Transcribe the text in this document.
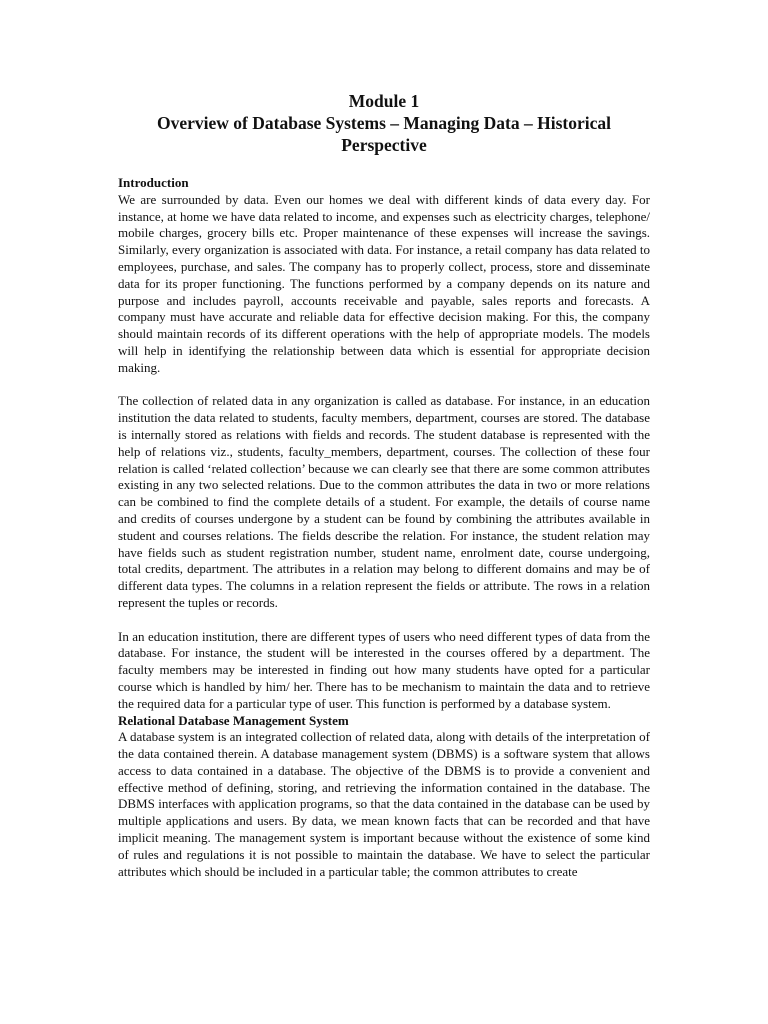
Module 1
Overview of Database Systems – Managing Data – Historical
Perspective
Introduction

We are surrounded by data. Even our homes we deal with different kinds of data every day. For instance, at home we have data related to income, and expenses such as electricity charges, telephone/ mobile charges, grocery bills etc. Proper maintenance of these expenses will increase the savings. Similarly, every organization is associated with data. For instance, a retail company has data related to employees, purchase, and sales. The company has to properly collect, process, store and disseminate data for its proper functioning. The functions performed by a company depends on its nature and purpose and includes payroll, accounts receivable and payable, sales reports and forecasts. A company must have accurate and reliable data for effective decision making. For this, the company should maintain records of its different operations with the help of appropriate models. The models will help in identifying the relationship between data which is essential for appropriate decision making.

The collection of related data in any organization is called as database. For instance, in an education institution the data related to students, faculty members, department, courses are stored. The database is internally stored as relations with fields and records. The student database is represented with the help of relations viz., students, faculty_members, department, courses. The collection of these four relation is called ‘related collection’ because we can clearly see that there are some common attributes existing in any two selected relations. Due to the common attributes the data in two or more relations can be combined to find the complete details of a student. For example, the details of course name and credits of courses undergone by a student can be found by combining the attributes available in student and courses relations. The fields describe the relation. For instance, the student relation may have fields such as student registration number, student name, enrolment date, course undergoing, total credits, department. The attributes in a relation may belong to different domains and may be of different data types. The columns in a relation represent the fields or attribute. The rows in a relation represent the tuples or records.

In an education institution, there are different types of users who need different types of data from the database. For instance, the student will be interested in the courses offered by a department. The faculty members may be interested in finding out how many students have opted for a particular course which is handled by him/ her. There has to be mechanism to maintain the data and to retrieve the required data for a particular type of user. This function is performed by a database system.

Relational Database Management System

A database system is an integrated collection of related data, along with details of the interpretation of the data contained therein. A database management system (DBMS) is a software system that allows access to data contained in a database. The objective of the DBMS is to provide a convenient and effective method of defining, storing, and retrieving the information contained in the database. The DBMS interfaces with application programs, so that the data contained in the database can be used by multiple applications and users. By data, we mean known facts that can be recorded and that have implicit meaning. The management system is important because without the existence of some kind of rules and regulations it is not possible to maintain the database. We have to select the particular attributes which should be included in a particular table; the common attributes to create
